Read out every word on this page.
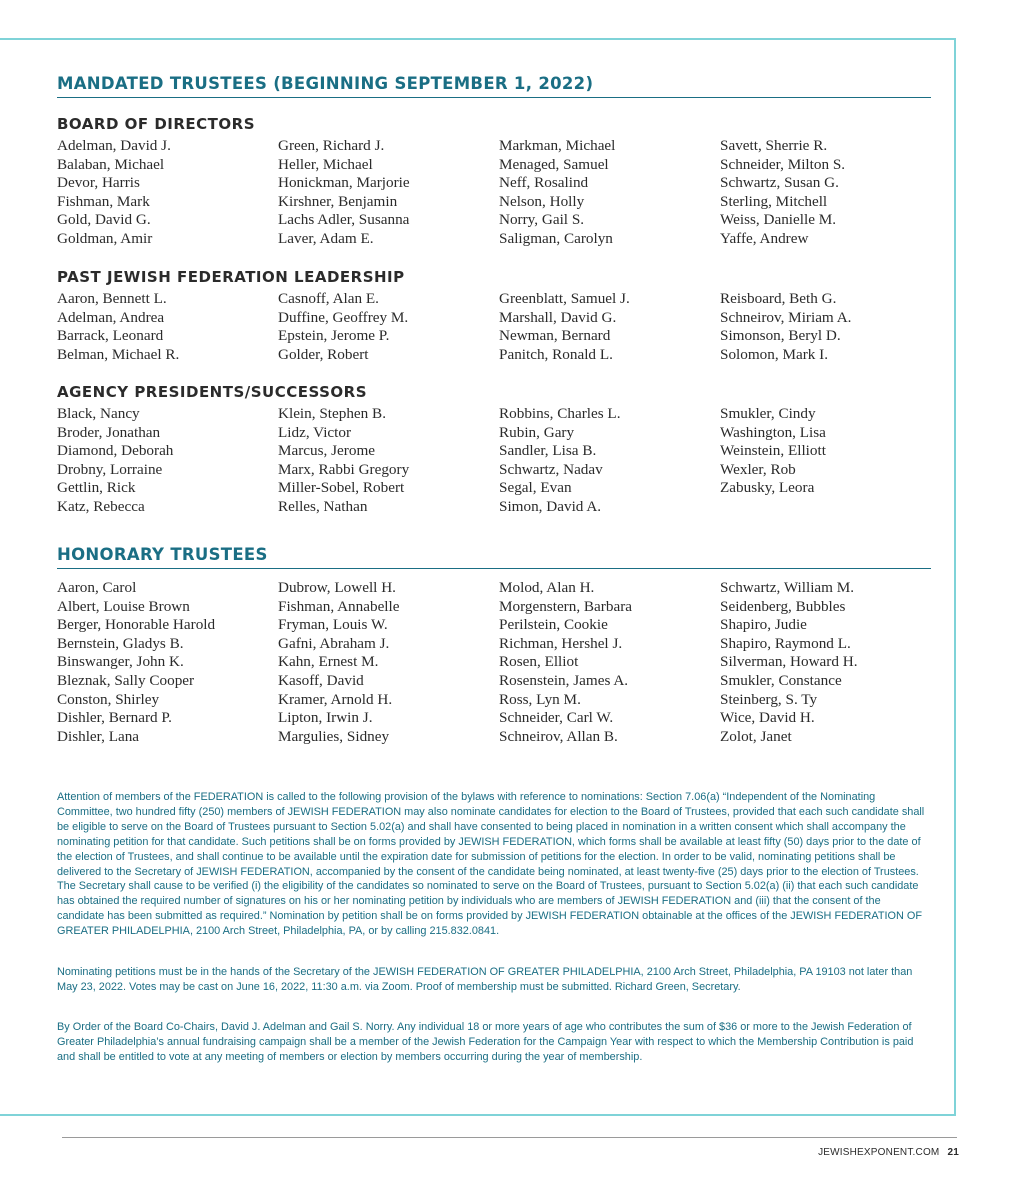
MANDATED TRUSTEES (BEGINNING SEPTEMBER 1, 2022)
BOARD OF DIRECTORS
Adelman, David J.
Balaban, Michael
Devor, Harris
Fishman, Mark
Gold, David G.
Goldman, Amir
Green, Richard J.
Heller, Michael
Honickman, Marjorie
Kirshner, Benjamin
Lachs Adler, Susanna
Laver, Adam E.
Markman, Michael
Menaged, Samuel
Neff, Rosalind
Nelson, Holly
Norry, Gail S.
Saligman, Carolyn
Savett, Sherrie R.
Schneider, Milton S.
Schwartz, Susan G.
Sterling, Mitchell
Weiss, Danielle M.
Yaffe, Andrew
PAST JEWISH FEDERATION LEADERSHIP
Aaron, Bennett L.
Adelman, Andrea
Barrack, Leonard
Belman, Michael R.
Casnoff, Alan E.
Duffine, Geoffrey M.
Epstein, Jerome P.
Golder, Robert
Greenblatt, Samuel J.
Marshall, David G.
Newman, Bernard
Panitch, Ronald L.
Reisboard, Beth G.
Schneirov, Miriam A.
Simonson, Beryl D.
Solomon, Mark I.
AGENCY PRESIDENTS/SUCCESSORS
Black, Nancy
Broder, Jonathan
Diamond, Deborah
Drobny, Lorraine
Gettlin, Rick
Katz, Rebecca
Klein, Stephen B.
Lidz, Victor
Marcus, Jerome
Marx, Rabbi Gregory
Miller-Sobel, Robert
Relles, Nathan
Robbins, Charles L.
Rubin, Gary
Sandler, Lisa B.
Schwartz, Nadav
Segal, Evan
Simon, David A.
Smukler, Cindy
Washington, Lisa
Weinstein, Elliott
Wexler, Rob
Zabusky, Leora
HONORARY TRUSTEES
Aaron, Carol
Albert, Louise Brown
Berger, Honorable Harold
Bernstein, Gladys B.
Binswanger, John K.
Bleznak, Sally Cooper
Conston, Shirley
Dishler, Bernard P.
Dishler, Lana
Dubrow, Lowell H.
Fishman, Annabelle
Fryman, Louis W.
Gafni, Abraham J.
Kahn, Ernest M.
Kasoff, David
Kramer, Arnold H.
Lipton, Irwin J.
Margulies, Sidney
Molod, Alan H.
Morgenstern, Barbara
Perilstein, Cookie
Richman, Hershel J.
Rosen, Elliot
Rosenstein, James A.
Ross, Lyn M.
Schneider, Carl W.
Schneirov, Allan B.
Schwartz, William M.
Seidenberg, Bubbles
Shapiro, Judie
Shapiro, Raymond L.
Silverman, Howard H.
Smukler, Constance
Steinberg, S. Ty
Wice, David H.
Zolot, Janet

Attention of members of the FEDERATION is called to the following provision of the bylaws with reference to nominations: Section 7.06(a) “Independent of the Nominating Committee, two hundred fifty (250) members of JEWISH FEDERATION may also nominate candidates for election to the Board of Trustees, provided that each such candidate shall be eligible to serve on the Board of Trustees pursuant to Section 5.02(a) and shall have consented to being placed in nomination in a written consent which shall accompany the nominating petition for that candidate. Such petitions shall be on forms provided by JEWISH FEDERATION, which forms shall be available at least fifty (50) days prior to the date of the election of Trustees, and shall continue to be available until the expiration date for submission of petitions for the election. In order to be valid, nominating petitions shall be delivered to the Secretary of JEWISH FEDERATION, accompanied by the consent of the candidate being nominated, at least twenty-five (25) days prior to the election of Trustees. The Secretary shall cause to be verified (i) the eligibility of the candidates so nominated to serve on the Board of Trustees, pursuant to Section 5.02(a) (ii) that each such candidate has obtained the required number of signatures on his or her nominating petition by individuals who are members of JEWISH FEDERATION and (iii) that the consent of the candidate has been submitted as required.” Nomination by petition shall be on forms provided by JEWISH FEDERATION obtainable at the offices of the JEWISH FEDERATION OF GREATER PHILADELPHIA, 2100 Arch Street, Philadelphia, PA, or by calling 215.832.0841.

Nominating petitions must be in the hands of the Secretary of the JEWISH FEDERATION OF GREATER PHILADELPHIA, 2100 Arch Street, Philadelphia, PA 19103 not later than May 23, 2022. Votes may be cast on June 16, 2022, 11:30 a.m. via Zoom. Proof of membership must be submitted. Richard Green, Secretary.

By Order of the Board Co-Chairs, David J. Adelman and Gail S. Norry. Any individual 18 or more years of age who contributes the sum of $36 or more to the Jewish Federation of Greater Philadelphia’s annual fundraising campaign shall be a member of the Jewish Federation for the Campaign Year with respect to which the Membership Contribution is paid and shall be entitled to vote at any meeting of members or election by members occurring during the year of membership.

JEWISHEXPONENT.COM 21
